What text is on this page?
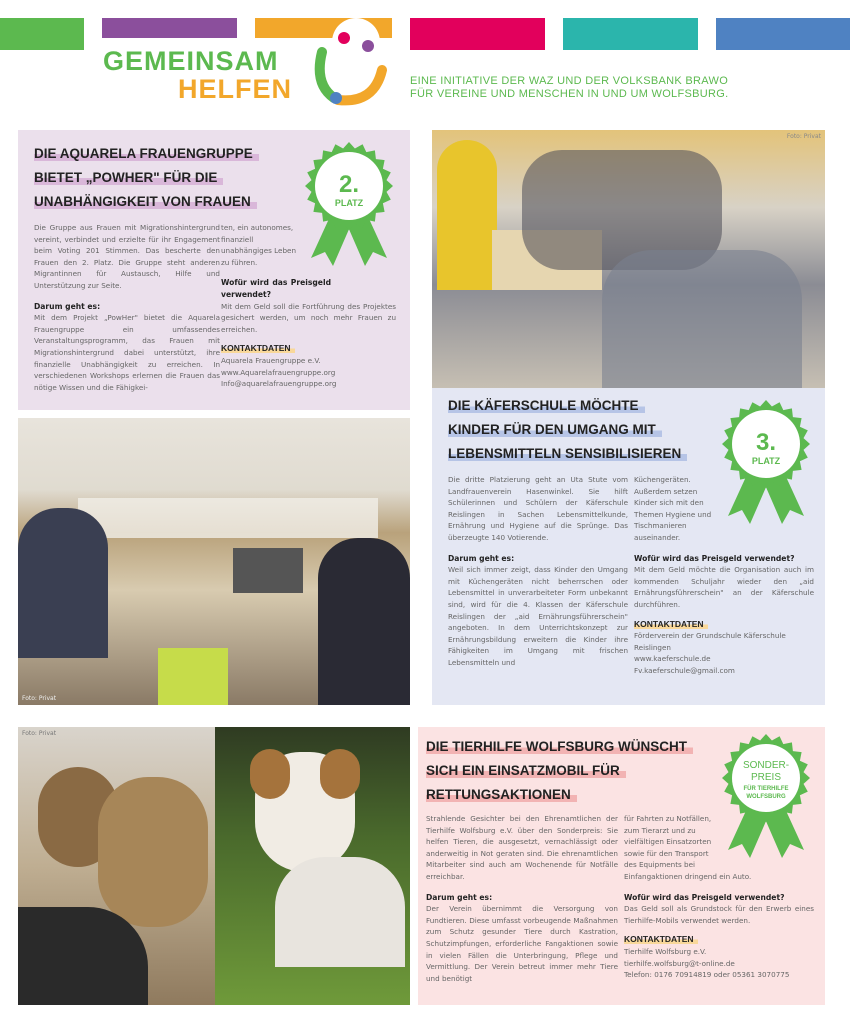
GEMEINSAM
HELFEN	EINE INITIATIVE DER WAZ UND DER VOLKSBANK BRAWO
FÜR VEREINE UND MENSCHEN IN UND UM WOLFSBURG.
2.
PLATZ
3.
PLATZ
SONDER-
PREIS
FÜR TIERHILFE
WOLFSBURG
DIE AQUARELA FRAUENGRUPPE
BIETET „POWHER" FÜR DIE
UNABHÄNGIGKEIT VON FRAUEN

Die Gruppe aus Frauen mit Migrationshintergrund vereint, verbindet und erzielte für ihr Engagement beim Voting 201 Stimmen. Das bescherte den Frauen den 2. Platz. Die Gruppe steht anderen Migrantinnen für Austausch, Hilfe und Unterstützung zur Seite.

Darum geht es:

Mit dem Projekt „PowHer" bietet die Aquarela Frauengruppe ein umfassendes Veranstaltungsprogramm, das Frauen mit Migrationshintergrund dabei unterstützt, ihre finanzielle Unabhängigkeit zu erreichen. In verschiedenen Workshops erlernen die Frauen das nötige Wissen und die Fähigkei-

ten, ein autonomes, finanziell unabhängiges Leben zu führen.

Wofür wird das Preisgeld verwendet?

Mit dem Geld soll die Fortführung des Projektes gesichert werden, um noch mehr Frauen zu erreichen.

KONTAKTDATEN

Aquarela Frauengruppe e.V.

www.Aquarelafrauengruppe.org

Info@aquarelafrauengruppe.org

Foto: Privat
Foto: Privat
DIE KÄFERSCHULE MÖCHTE
KINDER FÜR DEN UMGANG MIT
LEBENSMITTELN SENSIBILISIEREN

Die dritte Platzierung geht an Uta Stute vom Landfrauenverein Hasenwinkel. Sie hilft Schülerinnen und Schülern der Käferschule Reislingen in Sachen Lebensmittelkunde, Ernährung und Hygiene auf die Sprünge. Das überzeugte 140 Votierende.

Darum geht es:

Weil sich immer zeigt, dass Kinder den Umgang mit Küchengeräten nicht beherrschen oder Lebensmittel in unverarbeiteter Form unbekannt sind, wird für die 4. Klassen der Käferschule Reislingen der „aid Ernährungsführerschein" angeboten. In dem Unterrichtskonzept zur Ernährungsbildung erweitern die Kinder ihre Fähigkeiten im Umgang mit frischen Lebensmitteln und

Küchengeräten. Außerdem setzen Kinder sich mit den Themen Hygiene und Tischmanieren auseinander.

Wofür wird das Preisgeld verwendet?

Mit dem Geld möchte die Organisation auch im kommenden Schuljahr wieder den „aid Ernährungsführerschein" an der Käferschule durchführen.

KONTAKTDATEN

Förderverein der Grundschule Käferschule Reislingen

www.kaeferschule.de

Fv.kaeferschule@gmail.com

Foto: Privat
DIE TIERHILFE WOLFSBURG WÜNSCHT
SICH EIN EINSATZMOBIL FÜR
RETTUNGSAKTIONEN

Strahlende Gesichter bei den Ehrenamtlichen der Tierhilfe Wolfsburg e.V. über den Sonderpreis: Sie helfen Tieren, die ausgesetzt, vernachlässigt oder anderweitig in Not geraten sind. Die ehrenamtlichen Mitarbeiter sind auch am Wochenende für Notfälle erreichbar.

Darum geht es:

Der Verein übernimmt die Versorgung von Fundtieren. Diese umfasst vorbeugende Maßnahmen zum Schutz gesunder Tiere durch Kastration, Schutzimpfungen, erforderliche Fangaktionen sowie in vielen Fällen die Unterbringung, Pflege und Vermittlung. Der Verein betreut immer mehr Tiere und benötigt

für Fahrten zu Notfällen, zum Tierarzt und zu vielfältigen Einsatzorten sowie für den Transport des Equipments bei Einfangaktionen dringend ein Auto.

Wofür wird das Preisgeld verwendet?

Das Geld soll als Grundstock für den Erwerb eines Tierhilfe-Mobils verwendet werden.

KONTAKTDATEN

Tierhilfe Wolfsburg e.V.

tierhilfe.wolfsburg@t-online.de

Telefon: 0176 70914819 oder 05361 3070775
